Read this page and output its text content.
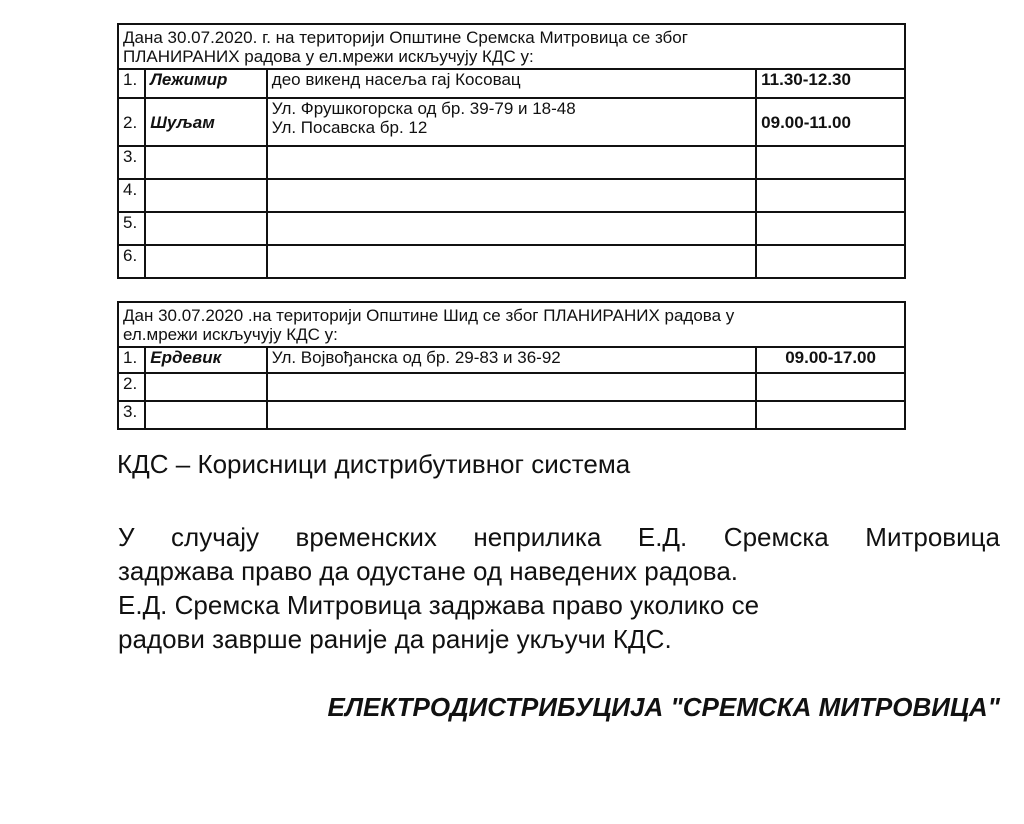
Дана 30.07.2020. г. на територији Општине Сремска Митровица се због
ПЛАНИРАНИХ радова у ел.мрежи искључују КДС у:			

1.	Лежимир	део викенд насеља гај Косовац	11.30-12.30
2.	Шуљам	Ул. Фрушкогорска од бр. 39-79 и 18-48
Ул. Посавска бр. 12	09.00-11.00
3.			
4.			
5.			
6.			
Дан 30.07.2020 .на територији Општине Шид се због ПЛАНИРАНИХ радова у
ел.мрежи искључују КДС у:			

1.	Ердевик	Ул. Војвођанска од бр. 29-83 и 36-92	09.00-17.00
2.			
3.			
КДС – Корисници дистрибутивног система
У случају временских неприлика Е.Д. Сремска Митровица
задржава право да одустане од наведених радова.
Е.Д. Сремска Митровица задржава право уколико се
радови заврше раније да раније укључи КДС.
ЕЛЕКТРОДИСТРИБУЦИЈА "СРЕМСКА МИТРОВИЦА"
